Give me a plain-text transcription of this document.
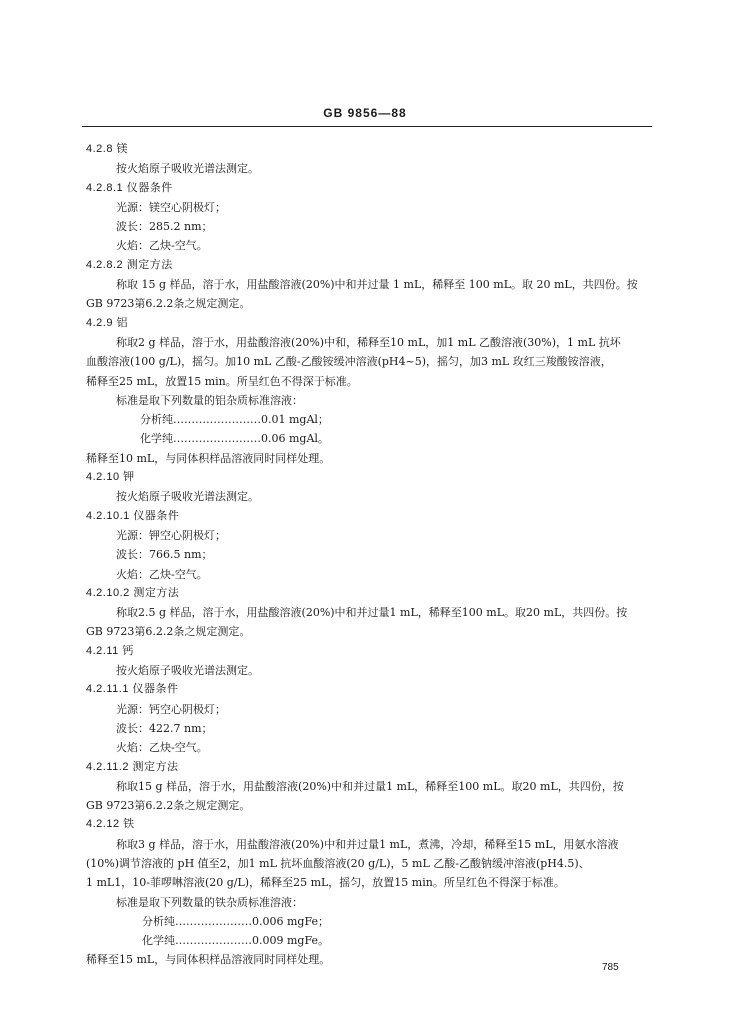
GB 9856—88
4.2.8 镁
按火焰原子吸收光谱法测定。
4.2.8.1 仪器条件
光源：镁空心阴极灯；
波长：285.2 nm；
火焰：乙炔-空气。
4.2.8.2 测定方法
称取 15 g 样品，溶于水，用盐酸溶液(20%)中和并过量 1 mL，稀释至 100 mL。取 20 mL，共四份。按
GB 9723第6.2.2条之规定测定。
4.2.9 铝
称取2 g 样品，溶于水，用盐酸溶液(20%)中和，稀释至10 mL，加1 mL 乙酸溶液(30%)，1 mL 抗坏
血酸溶液(100 g/L)，摇匀。加10 mL 乙酸-乙酸铵缓冲溶液(pH4~5)，摇匀，加3 mL 玫红三羧酸铵溶液，
稀释至25 mL，放置15 min。所呈红色不得深于标准。
标准是取下列数量的铝杂质标准溶液：
分析纯……………………0.01 mgAl；
化学纯……………………0.06 mgAl。
稀释至10 mL，与同体积样品溶液同时同样处理。
4.2.10 钾
按火焰原子吸收光谱法测定。
4.2.10.1 仪器条件
光源：钾空心阴极灯；
波长：766.5 nm；
火焰：乙炔-空气。
4.2.10.2 测定方法
称取2.5 g 样品，溶于水，用盐酸溶液(20%)中和并过量1 mL，稀释至100 mL。取20 mL，共四份。按
GB 9723第6.2.2条之规定测定。
4.2.11 钙
按火焰原子吸收光谱法测定。
4.2.11.1 仪器条件
光源：钙空心阴极灯；
波长：422.7 nm；
火焰：乙炔-空气。
4.2.11.2 测定方法
称取15 g 样品，溶于水，用盐酸溶液(20%)中和并过量1 mL，稀释至100 mL。取20 mL，共四份，按
GB 9723第6.2.2条之规定测定。
4.2.12 铁
称取3 g 样品，溶于水，用盐酸溶液(20%)中和并过量1 mL，煮沸，冷却，稀释至15 mL，用氨水溶液
(10%)调节溶液的 pH 值至2，加1 mL 抗坏血酸溶液(20 g/L)，5 mL 乙酸-乙酸钠缓冲溶液(pH4.5)、
1 mL1，10-菲啰啉溶液(20 g/L)，稀释至25 mL，摇匀，放置15 min。所呈红色不得深于标准。
标准是取下列数量的铁杂质标准溶液：
分析纯…………………0.006 mgFe；
化学纯…………………0.009 mgFe。
稀释至15 mL，与同体积样品溶液同时同样处理。
785
